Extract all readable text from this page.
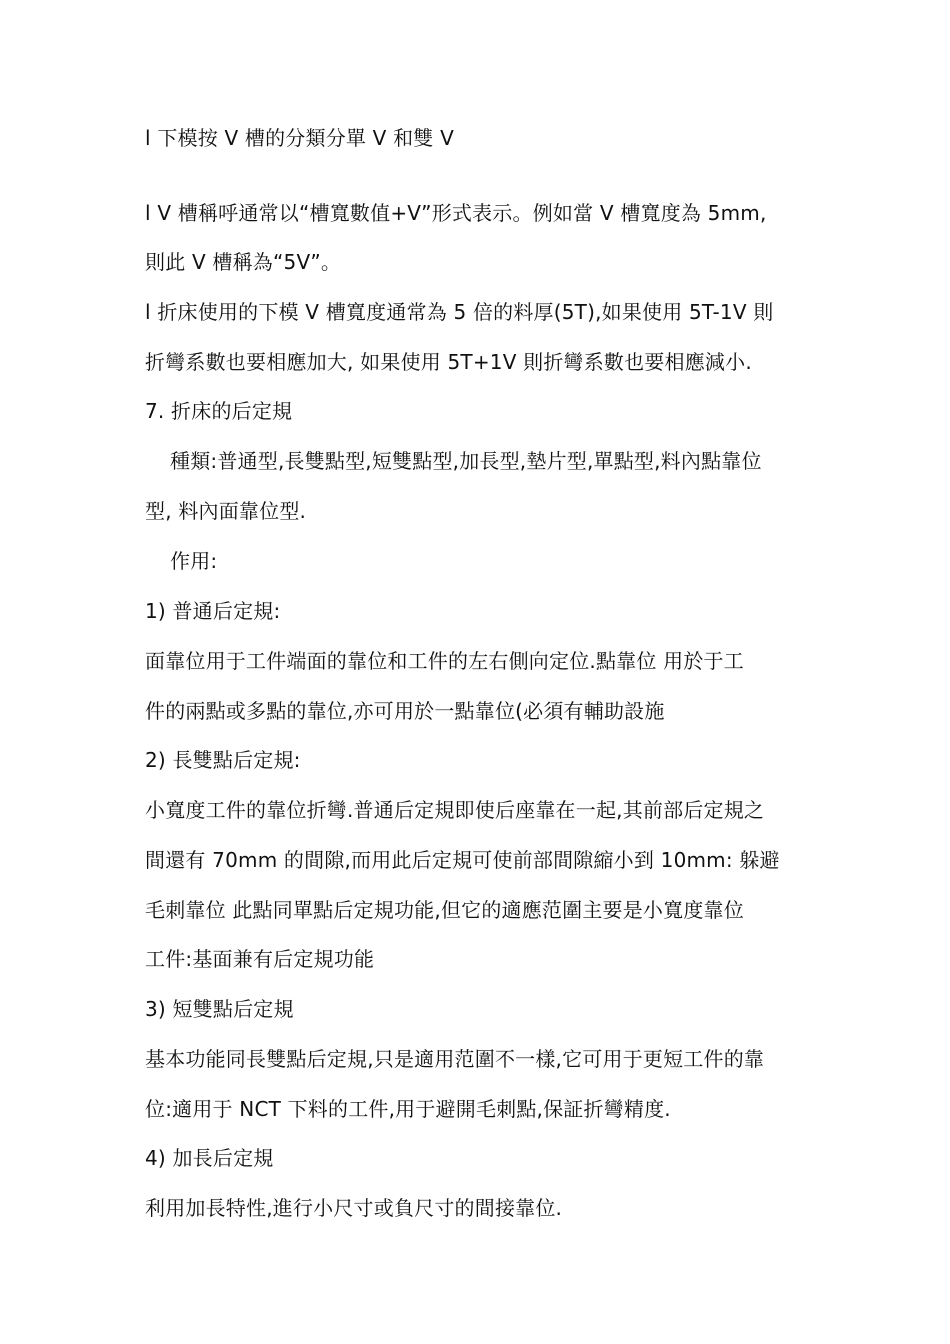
l 下模按 V 槽的分類分單 V 和雙 V
l V 槽稱呼通常以“槽寬數值+V”形式表示。例如當 V 槽寬度為 5mm,
則此 V 槽稱為“5V”。
l 折床使用的下模 V 槽寬度通常為 5 倍的料厚(5T),如果使用 5T-1V 則
折彎系數也要相應加大, 如果使用 5T+1V 則折彎系數也要相應減小.
7. 折床的后定規
種類:普通型,長雙點型,短雙點型,加長型,墊片型,單點型,料內點靠位
型, 料內面靠位型.
作用:
1) 普通后定規:
面靠位用于工件端面的靠位和工件的左右側向定位.點靠位 用於于工
件的兩點或多點的靠位,亦可用於一點靠位(必須有輔助設施
2) 長雙點后定規:
小寬度工件的靠位折彎.普通后定規即使后座靠在一起,其前部后定規之
間還有 70mm 的間隙,而用此后定規可使前部間隙縮小到 10mm: 躲避
毛刺靠位 此點同單點后定規功能,但它的適應范圍主要是小寬度靠位
工件:基面兼有后定規功能
3) 短雙點后定規
基本功能同長雙點后定規,只是適用范圍不一樣,它可用于更短工件的靠
位:適用于 NCT 下料的工件,用于避開毛刺點,保証折彎精度.
4) 加長后定規
利用加長特性,進行小尺寸或負尺寸的間接靠位.
